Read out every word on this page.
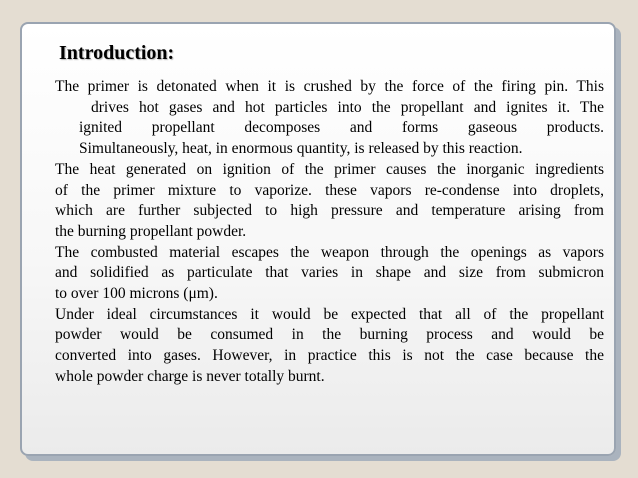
Introduction:

The primer is detonated when it is crushed by the force of the firing pin. This
drives hot gases and hot particles into the propellant and ignites it. The
ignited propellant decomposes and forms gaseous products.
Simultaneously, heat, in enormous quantity, is released by this reaction.

The heat generated on ignition of the primer causes the inorganic ingredients
of the primer mixture to vaporize. these vapors re-condense into droplets,
which are further subjected to high pressure and temperature arising from
the burning propellant powder.

The combusted material escapes the weapon through the openings as vapors
and solidified as particulate that varies in shape and size from submicron
to over 100 microns (μm).

Under ideal circumstances it would be expected that all of the propellant
powder would be consumed in the burning process and would be
converted into gases. However, in practice this is not the case because the
whole powder charge is never totally burnt.
